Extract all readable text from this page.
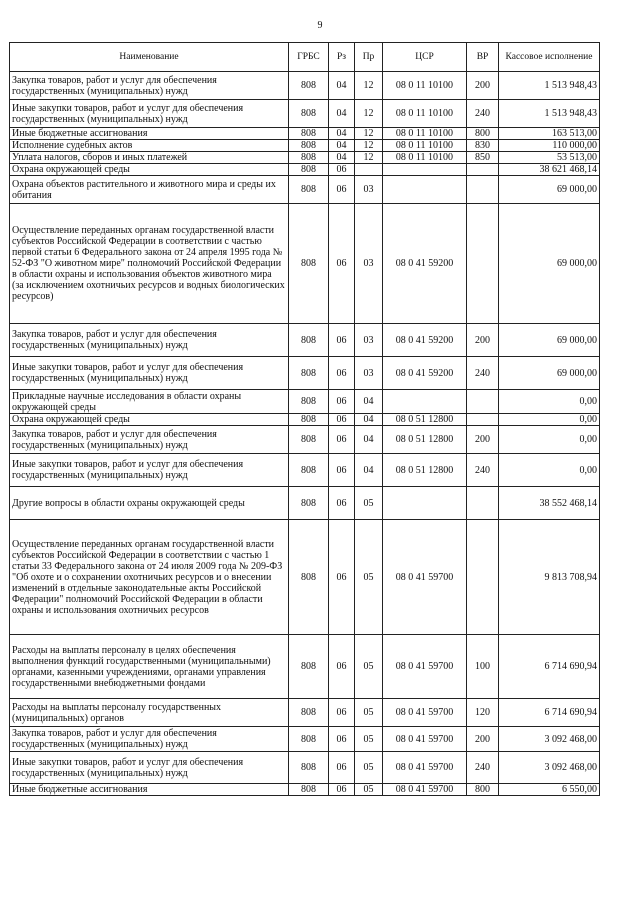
9
Наименование	ГРБС	Рз	Пр	ЦСР	ВР	Кассовое исполнение
Закупка товаров, работ и услуг для обеспечения государственных (муниципальных) нужд	808	04	12	08 0 11 10100	200	1 513 948,43
Иные закупки товаров, работ и услуг для обеспечения государственных (муниципальных) нужд	808	04	12	08 0 11 10100	240	1 513 948,43
Иные бюджетные ассигнования	808	04	12	08 0 11 10100	800	163 513,00
Исполнение судебных актов	808	04	12	08 0 11 10100	830	110 000,00
Уплата налогов, сборов и иных платежей	808	04	12	08 0 11 10100	850	53 513,00
Охрана окружающей среды	808	06				38 621 468,14
Охрана объектов растительного и животного мира и среды их обитания	808	06	03			69 000,00
Осуществление переданных органам государственной власти субъектов Российской Федерации в соответствии с частью первой статьи 6 Федерального закона от 24 апреля 1995 года № 52-ФЗ "О животном мире" полномочий Российской Федерации в области охраны и использования объектов животного мира (за исключением охотничьих ресурсов и водных биологических ресурсов)	808	06	03	08 0 41 59200		69 000,00
Закупка товаров, работ и услуг для обеспечения государственных (муниципальных) нужд	808	06	03	08 0 41 59200	200	69 000,00
Иные закупки товаров, работ и услуг для обеспечения государственных (муниципальных) нужд	808	06	03	08 0 41 59200	240	69 000,00
Прикладные научные исследования в области охраны окружающей среды	808	06	04			0,00
Охрана окружающей среды	808	06	04	08 0 51 12800		0,00
Закупка товаров, работ и услуг для обеспечения государственных (муниципальных) нужд	808	06	04	08 0 51 12800	200	0,00
Иные закупки товаров, работ и услуг для обеспечения государственных (муниципальных) нужд	808	06	04	08 0 51 12800	240	0,00
Другие вопросы в области охраны окружающей среды	808	06	05			38 552 468,14
Осуществление переданных органам государственной власти субъектов Российской Федерации в соответствии с частью 1 статьи 33 Федерального закона от 24 июля 2009 года № 209-ФЗ "Об охоте и о сохранении охотничьих ресурсов и о внесении изменений в отдельные законодательные акты Российской Федерации" полномочий Российской Федерации в области охраны и использования охотничьих ресурсов	808	06	05	08 0 41 59700		9 813 708,94
Расходы на выплаты персоналу в целях обеспечения выполнения функций государственными (муниципальными) органами, казенными учреждениями, органами управления государственными внебюджетными фондами	808	06	05	08 0 41 59700	100	6 714 690,94
Расходы на выплаты персоналу государственных (муниципальных) органов	808	06	05	08 0 41 59700	120	6 714 690,94
Закупка товаров, работ и услуг для обеспечения государственных (муниципальных) нужд	808	06	05	08 0 41 59700	200	3 092 468,00
Иные закупки товаров, работ и услуг для обеспечения государственных (муниципальных) нужд	808	06	05	08 0 41 59700	240	3 092 468,00
Иные бюджетные ассигнования	808	06	05	08 0 41 59700	800	6 550,00
